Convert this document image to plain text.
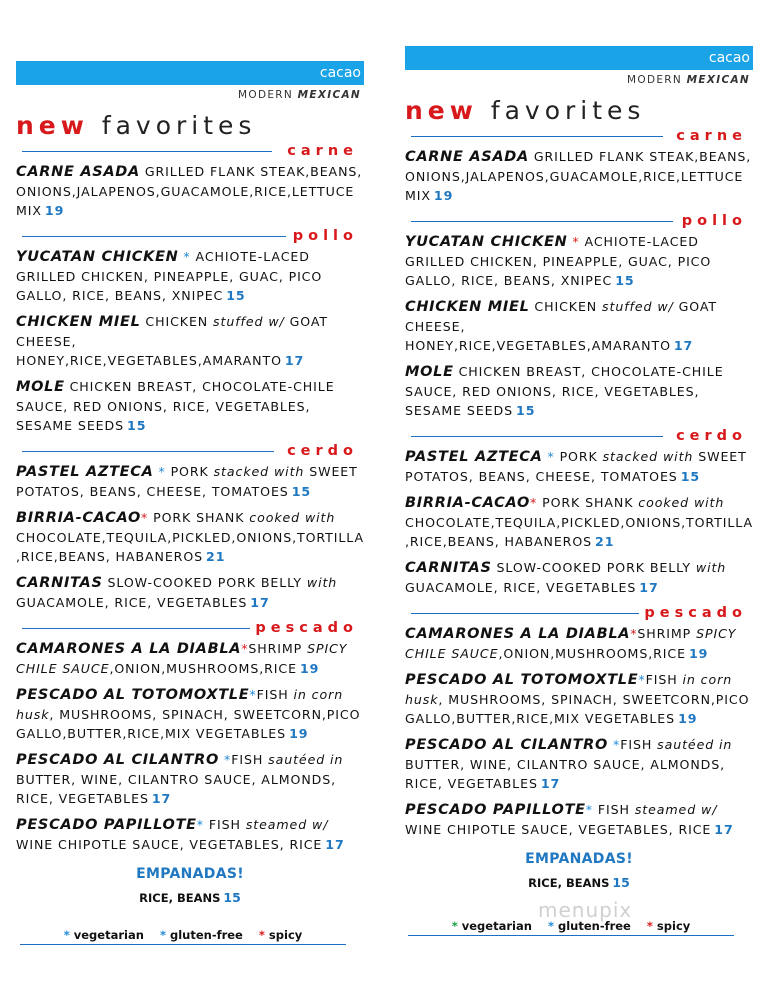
cacao
MODERN MEXICAN
new favorites
carne
CARNE ASADA GRILLED FLANK STEAK,BEANS, ONIONS,JALAPENOS,GUACAMOLE,RICE,LETTUCE MIX 19
pollo
YUCATAN CHICKEN * ACHIOTE-LACED GRILLED CHICKEN, PINEAPPLE, GUAC, PICO GALLO, RICE, BEANS, XNIPEC 15
CHICKEN MIEL CHICKEN stuffed w/ GOAT CHEESE, HONEY,RICE,VEGETABLES,AMARANTO 17
MOLE CHICKEN BREAST, CHOCOLATE-CHILE SAUCE, RED ONIONS, RICE, VEGETABLES, SESAME SEEDS 15
cerdo
PASTEL AZTECA * PORK stacked with SWEET POTATOS, BEANS, CHEESE, TOMATOES 15
BIRRIA-CACAO* PORK SHANK cooked with CHOCOLATE,TEQUILA,PICKLED,ONIONS,TORTILLA ,RICE,BEANS, HABANEROS 21
CARNITAS SLOW-COOKED PORK BELLY with GUACAMOLE, RICE, VEGETABLES 17
pescado
CAMARONES A LA DIABLA*SHRIMP SPICY CHILE SAUCE,ONION,MUSHROOMS,RICE 19
PESCADO AL TOTOMOXTLE*FISH in corn husk, MUSHROOMS, SPINACH, SWEETCORN,PICO GALLO,BUTTER,RICE,MIX VEGETABLES 19
PESCADO AL CILANTRO *FISH sautéed in BUTTER, WINE, CILANTRO SAUCE, ALMONDS, RICE, VEGETABLES 17
PESCADO PAPILLOTE* FISH steamed w/ WINE CHIPOTLE SAUCE, VEGETABLES, RICE 17
EMPANADAS!
RICE, BEANS 15
* vegetarian * gluten-free * spicy
cacao
MODERN MEXICAN
new favorites
carne
CARNE ASADA GRILLED FLANK STEAK,BEANS, ONIONS,JALAPENOS,GUACAMOLE,RICE,LETTUCE MIX 19
pollo
YUCATAN CHICKEN * ACHIOTE-LACED GRILLED CHICKEN, PINEAPPLE, GUAC, PICO GALLO, RICE, BEANS, XNIPEC 15
CHICKEN MIEL CHICKEN stuffed w/ GOAT CHEESE, HONEY,RICE,VEGETABLES,AMARANTO 17
MOLE CHICKEN BREAST, CHOCOLATE-CHILE SAUCE, RED ONIONS, RICE, VEGETABLES, SESAME SEEDS 15
cerdo
PASTEL AZTECA * PORK stacked with SWEET POTATOS, BEANS, CHEESE, TOMATOES 15
BIRRIA-CACAO* PORK SHANK cooked with CHOCOLATE,TEQUILA,PICKLED,ONIONS,TORTILLA ,RICE,BEANS, HABANEROS 21
CARNITAS SLOW-COOKED PORK BELLY with GUACAMOLE, RICE, VEGETABLES 17
pescado
CAMARONES A LA DIABLA*SHRIMP SPICY CHILE SAUCE,ONION,MUSHROOMS,RICE 19
PESCADO AL TOTOMOXTLE*FISH in corn husk, MUSHROOMS, SPINACH, SWEETCORN,PICO GALLO,BUTTER,RICE,MIX VEGETABLES 19
PESCADO AL CILANTRO *FISH sautéed in BUTTER, WINE, CILANTRO SAUCE, ALMONDS, RICE, VEGETABLES 17
PESCADO PAPILLOTE* FISH steamed w/ WINE CHIPOTLE SAUCE, VEGETABLES, RICE 17
EMPANADAS!
RICE, BEANS 15
* vegetarian * gluten-free * spicy
menupix
